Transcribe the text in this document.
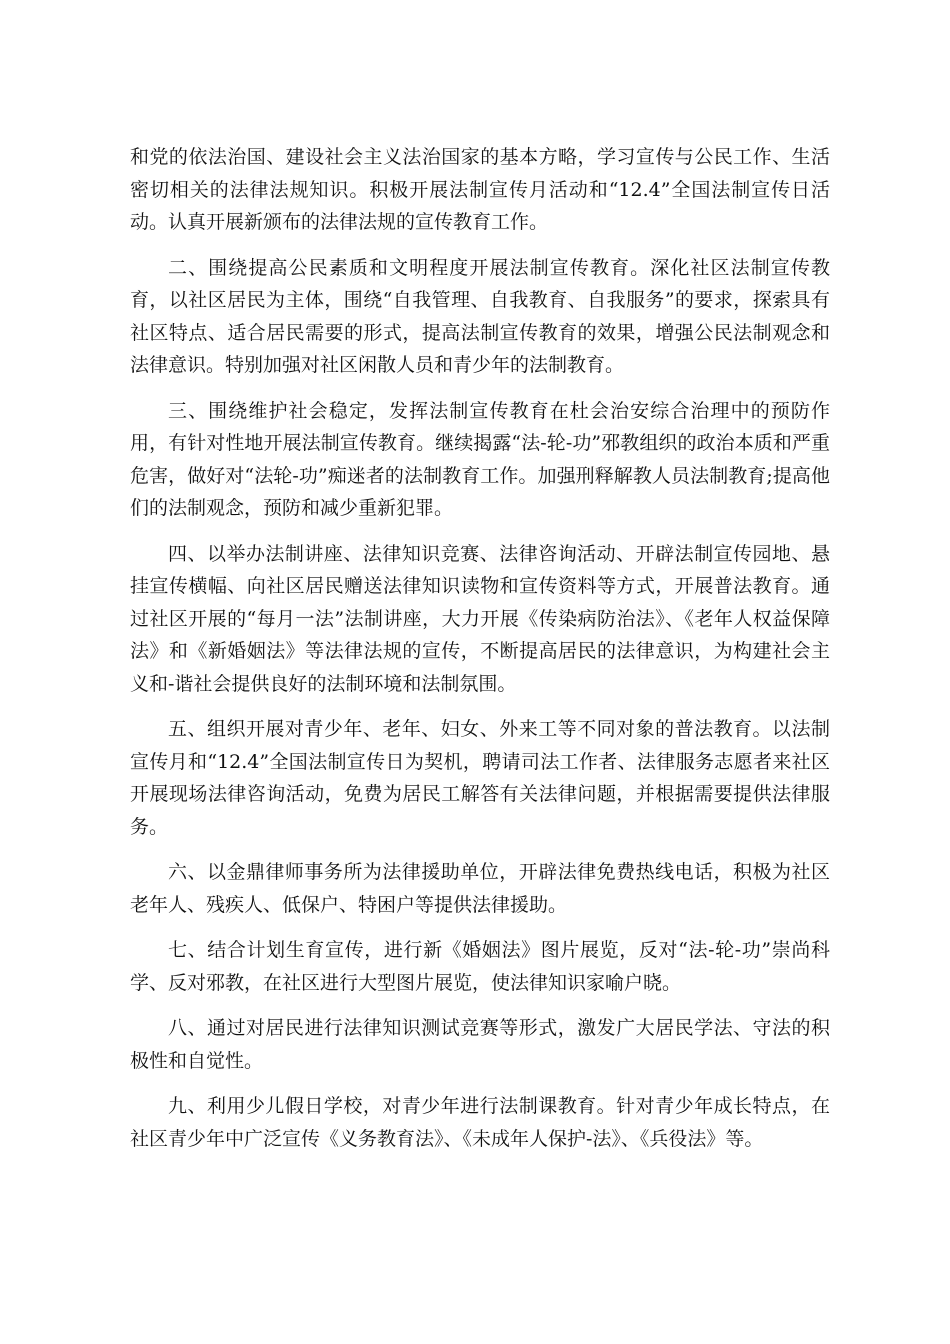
和党的依法治国、建设社会主义法治国家的基本方略，学习宣传与公民工作、生活密切相关的法律法规知识。积极开展法制宣传月活动和“12.4”全国法制宣传日活动。认真开展新颁布的法律法规的宣传教育工作。

二、围绕提高公民素质和文明程度开展法制宣传教育。深化社区法制宣传教育，以社区居民为主体，围绕“自我管理、自我教育、自我服务”的要求，探索具有社区特点、适合居民需要的形式，提高法制宣传教育的效果，增强公民法制观念和法律意识。特别加强对社区闲散人员和青少年的法制教育。

三、围绕维护社会稳定，发挥法制宣传教育在杜会治安综合治理中的预防作用，有针对性地开展法制宣传教育。继续揭露“法-轮-功”邪教组织的政治本质和严重危害，做好对“法轮-功”痴迷者的法制教育工作。加强刑释解教人员法制教育;提高他们的法制观念，预防和减少重新犯罪。

四、以举办法制讲座、法律知识竞赛、法律咨询活动、开辟法制宣传园地、悬挂宣传横幅、向社区居民赠送法律知识读物和宣传资料等方式，开展普法教育。通过社区开展的“每月一法”法制讲座，大力开展《传染病防治法》、《老年人权益保障法》和《新婚姻法》等法律法规的宣传，不断提高居民的法律意识，为构建社会主义和-谐社会提供良好的法制环境和法制氛围。

五、组织开展对青少年、老年、妇女、外来工等不同对象的普法教育。以法制宣传月和“12.4”全国法制宣传日为契机，聘请司法工作者、法律服务志愿者来社区开展现场法律咨询活动，免费为居民工解答有关法律问题，并根据需要提供法律服务。

六、以金鼎律师事务所为法律援助单位，开辟法律免费热线电话，积极为社区老年人、残疾人、低保户、特困户等提供法律援助。

七、结合计划生育宣传，进行新《婚姻法》图片展览，反对“法-轮-功”崇尚科学、反对邪教，在社区进行大型图片展览，使法律知识家喻户晓。

八、通过对居民进行法律知识测试竞赛等形式，激发广大居民学法、守法的积极性和自觉性。

九、利用少儿假日学校，对青少年进行法制课教育。针对青少年成长特点，在社区青少年中广泛宣传《义务教育法》、《未成年人保护-法》、《兵役法》等。
